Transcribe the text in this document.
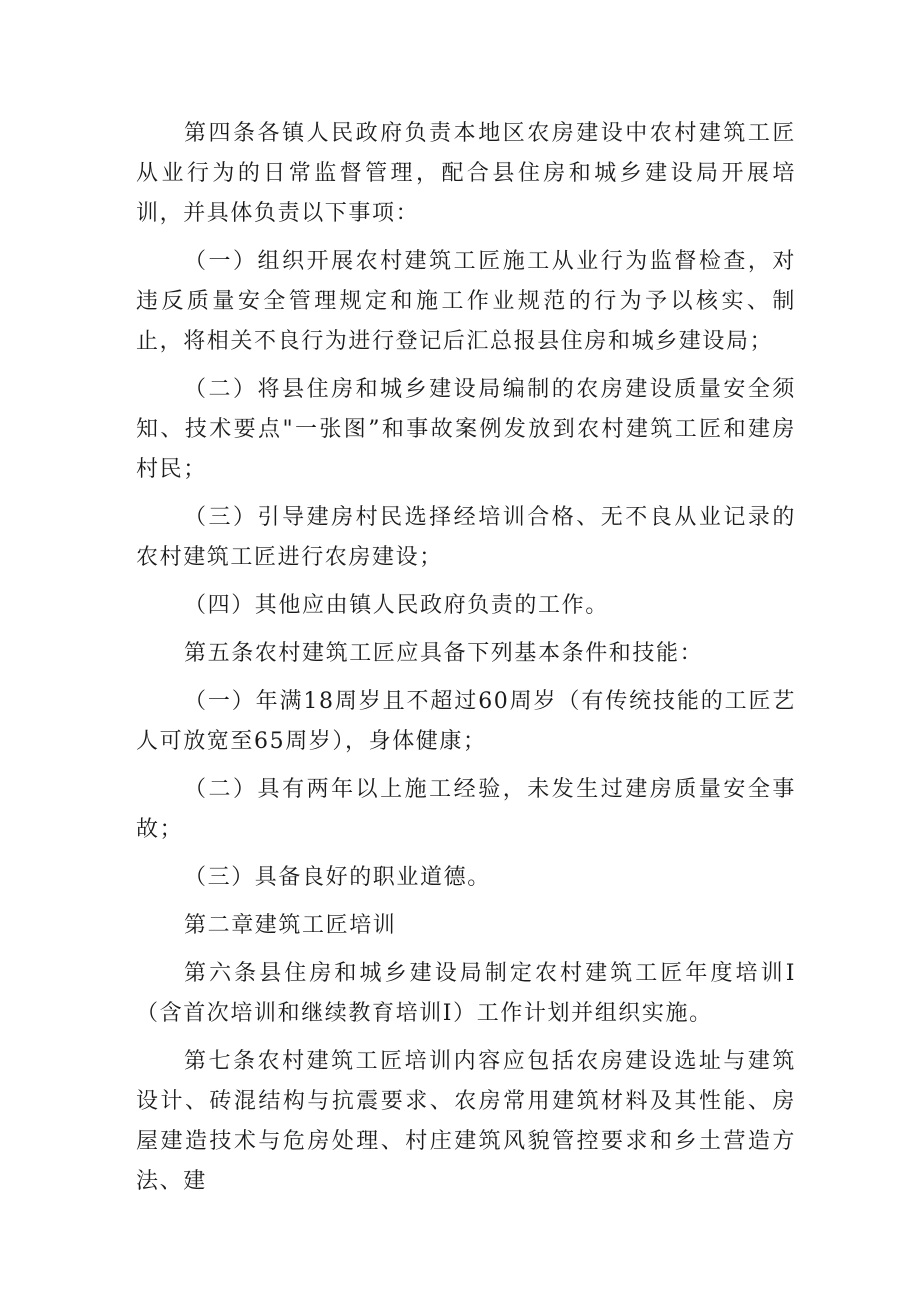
第四条各镇人民政府负责本地区农房建设中农村建筑工匠从业行为的日常监督管理，配合县住房和城乡建设局开展培训，并具体负责以下事项：

（一）组织开展农村建筑工匠施工从业行为监督检查，对违反质量安全管理规定和施工作业规范的行为予以核实、制止，将相关不良行为进行登记后汇总报县住房和城乡建设局；

（二）将县住房和城乡建设局编制的农房建设质量安全须知、技术要点"一张图”和事故案例发放到农村建筑工匠和建房村民；

（三）引导建房村民选择经培训合格、无不良从业记录的农村建筑工匠进行农房建设；

（四）其他应由镇人民政府负责的工作。

第五条农村建筑工匠应具备下列基本条件和技能：

（一）年满18周岁且不超过60周岁（有传统技能的工匠艺人可放宽至65周岁），身体健康；

（二）具有两年以上施工经验，未发生过建房质量安全事故；

（三）具备良好的职业道德。

第二章建筑工匠培训

第六条县住房和城乡建设局制定农村建筑工匠年度培训I（含首次培训和继续教育培训I）工作计划并组织实施。

第七条农村建筑工匠培训内容应包括农房建设选址与建筑设计、砖混结构与抗震要求、农房常用建筑材料及其性能、房屋建造技术与危房处理、村庄建筑风貌管控要求和乡土营造方法、建
